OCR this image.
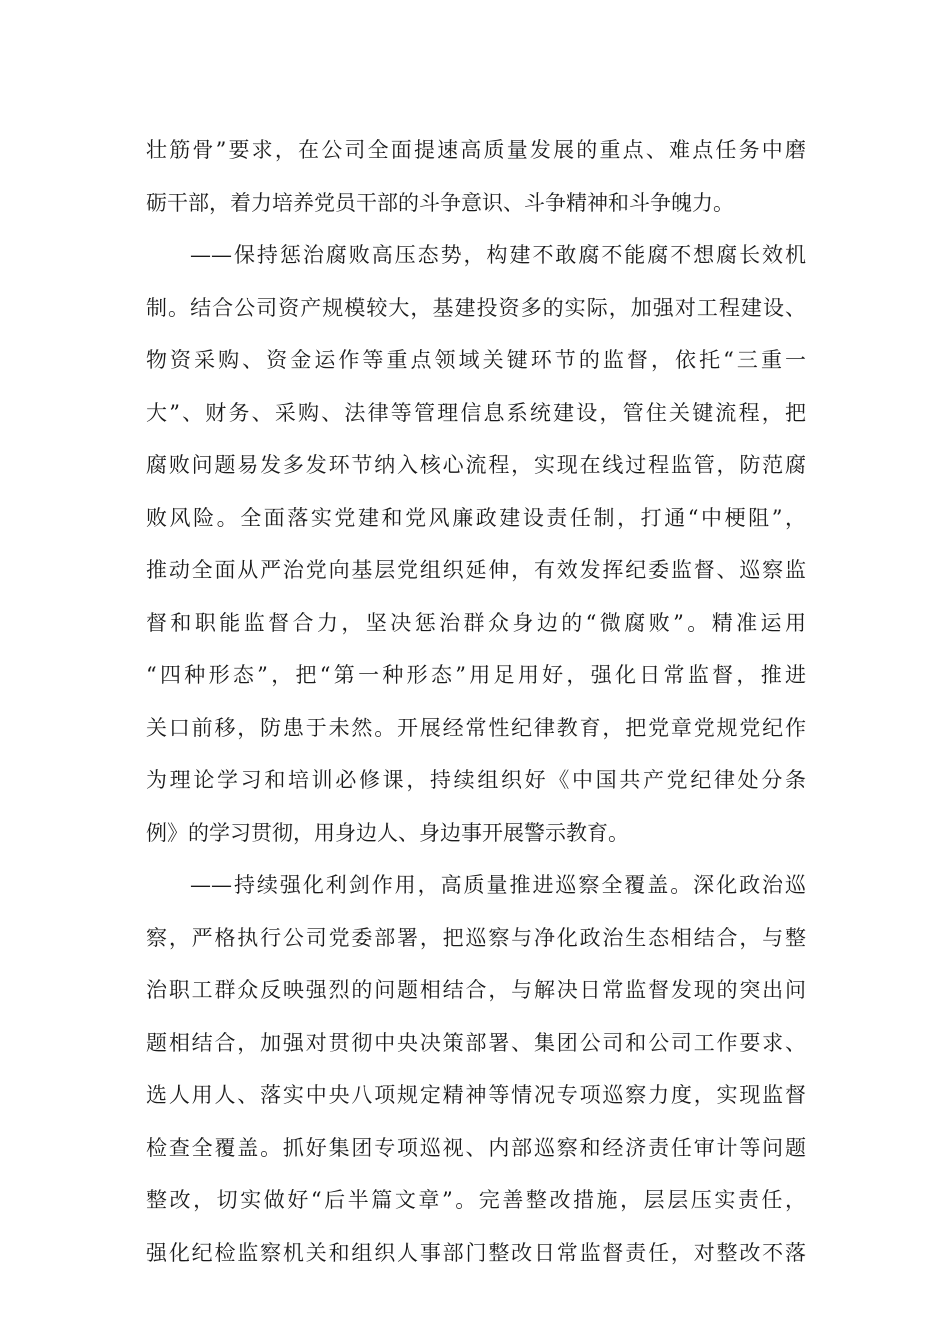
壮筋骨”要求，在公司全面提速高质量发展的重点、难点任务中磨
砺干部，着力培养党员干部的斗争意识、斗争精神和斗争魄力。
——保持惩治腐败高压态势，构建不敢腐不能腐不想腐长效机
制。结合公司资产规模较大，基建投资多的实际，加强对工程建设、
物资采购、资金运作等重点领域关键环节的监督，依托“三重一
大”、财务、采购、法律等管理信息系统建设，管住关键流程，把
腐败问题易发多发环节纳入核心流程，实现在线过程监管，防范腐
败风险。全面落实党建和党风廉政建设责任制，打通“中梗阻”，
推动全面从严治党向基层党组织延伸，有效发挥纪委监督、巡察监
督和职能监督合力，坚决惩治群众身边的“微腐败”。精准运用
“四种形态”，把“第一种形态”用足用好，强化日常监督，推进
关口前移，防患于未然。开展经常性纪律教育，把党章党规党纪作
为理论学习和培训必修课，持续组织好《中国共产党纪律处分条
例》的学习贯彻，用身边人、身边事开展警示教育。
——持续强化利剑作用，高质量推进巡察全覆盖。深化政治巡
察，严格执行公司党委部署，把巡察与净化政治生态相结合，与整
治职工群众反映强烈的问题相结合，与解决日常监督发现的突出问
题相结合，加强对贯彻中央决策部署、集团公司和公司工作要求、
选人用人、落实中央八项规定精神等情况专项巡察力度，实现监督
检查全覆盖。抓好集团专项巡视、内部巡察和经济责任审计等问题
整改，切实做好“后半篇文章”。完善整改措施，层层压实责任，
强化纪检监察机关和组织人事部门整改日常监督责任，对整改不落
